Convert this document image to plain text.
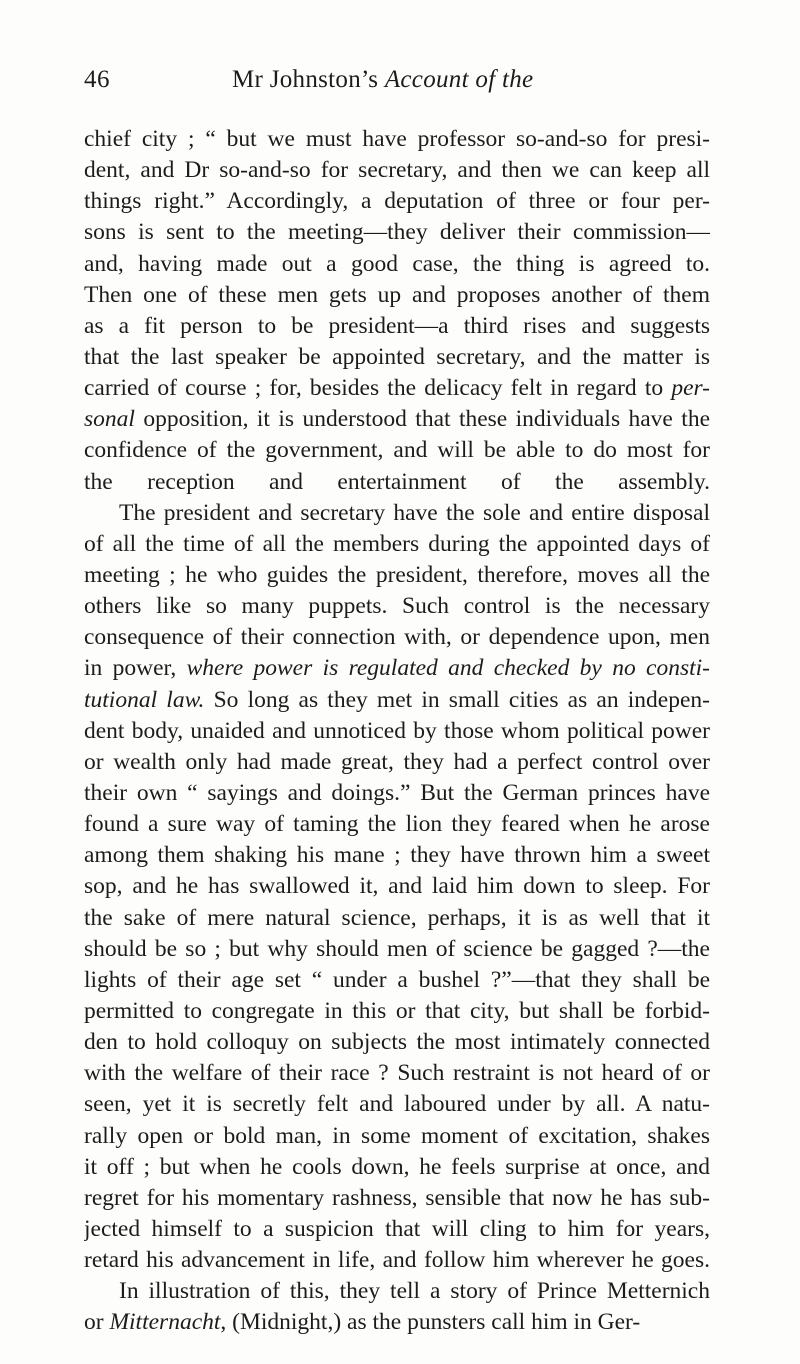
46	Mr Johnston’s Account of the
chief city ; “ but we must have professor so-and-so for presi-
dent, and Dr so-and-so for secretary, and then we can keep all
things right.” Accordingly, a deputation of three or four per-
sons is sent to the meeting—they deliver their commission—
and, having made out a good case, the thing is agreed to.
Then one of these men gets up and proposes another of them
as a fit person to be president—a third rises and suggests
that the last speaker be appointed secretary, and the matter is
carried of course ; for, besides the delicacy felt in regard to per-
sonal opposition, it is understood that these individuals have the
confidence of the government, and will be able to do most for
the reception and entertainment of the assembly.
The president and secretary have the sole and entire disposal
of all the time of all the members during the appointed days of
meeting ; he who guides the president, therefore, moves all the
others like so many puppets. Such control is the necessary
consequence of their connection with, or dependence upon, men
in power, where power is regulated and checked by no consti-
tutional law. So long as they met in small cities as an indepen-
dent body, unaided and unnoticed by those whom political power
or wealth only had made great, they had a perfect control over
their own “ sayings and doings.” But the German princes have
found a sure way of taming the lion they feared when he arose
among them shaking his mane ; they have thrown him a sweet
sop, and he has swallowed it, and laid him down to sleep. For
the sake of mere natural science, perhaps, it is as well that it
should be so ; but why should men of science be gagged ?—the
lights of their age set “ under a bushel ?”—that they shall be
permitted to congregate in this or that city, but shall be forbid-
den to hold colloquy on subjects the most intimately connected
with the welfare of their race ? Such restraint is not heard of or
seen, yet it is secretly felt and laboured under by all. A natu-
rally open or bold man, in some moment of excitation, shakes
it off ; but when he cools down, he feels surprise at once, and
regret for his momentary rashness, sensible that now he has sub-
jected himself to a suspicion that will cling to him for years,
retard his advancement in life, and follow him wherever he goes.
In illustration of this, they tell a story of Prince Metternich
or Mitternacht, (Midnight,) as the punsters call him in Ger-
